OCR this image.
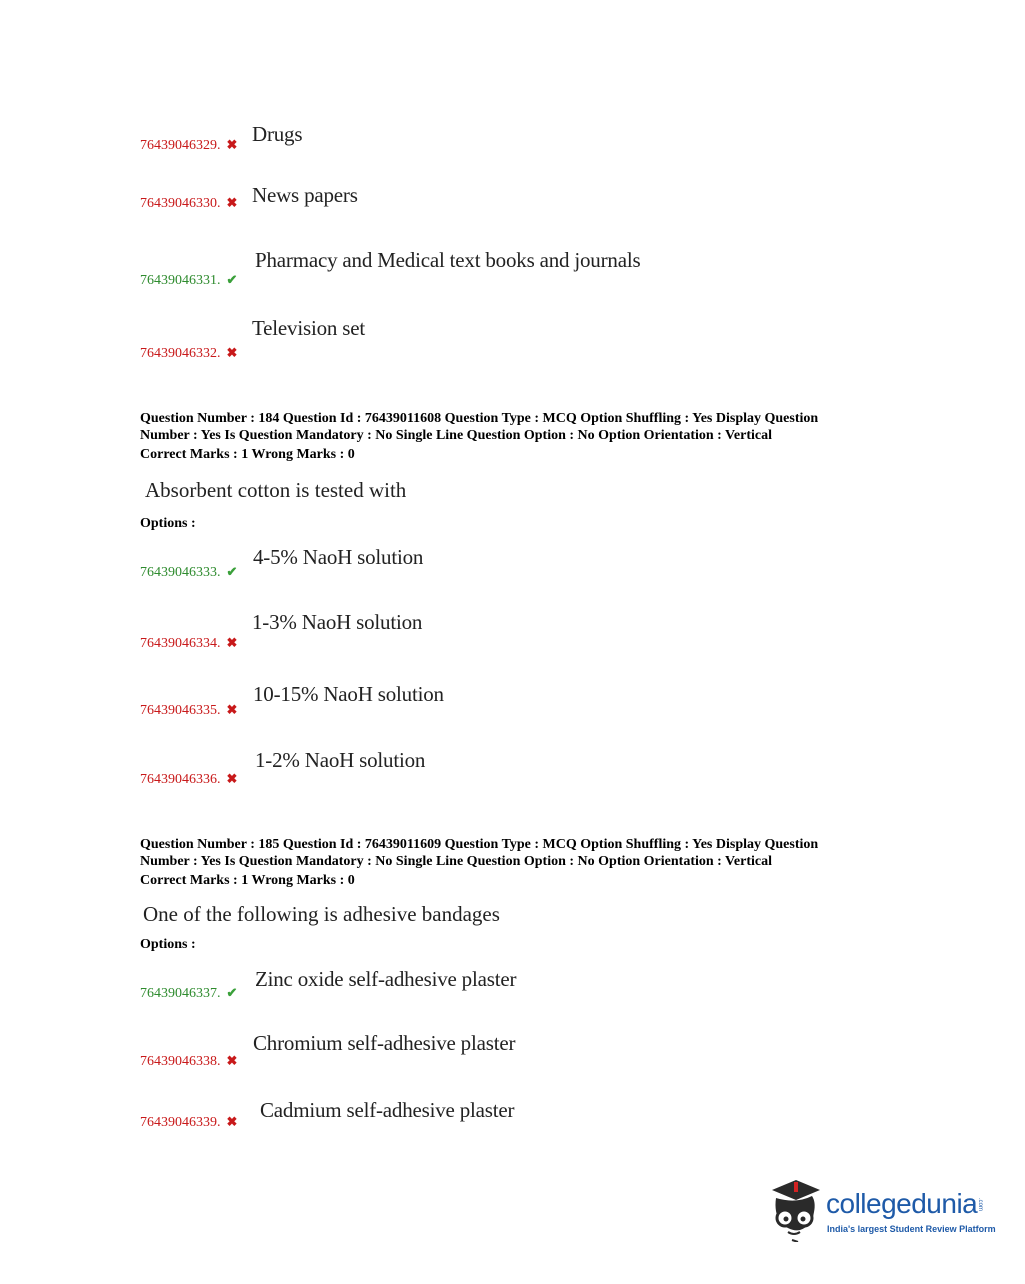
Drugs
76439046329. ✖
News papers
76439046330. ✖
Pharmacy and Medical text books and journals
76439046331. ✔
Television set
76439046332. ✖
Question Number : 184 Question Id : 76439011608 Question Type : MCQ Option Shuffling : Yes Display Question
Number : Yes Is Question Mandatory : No Single Line Question Option : No Option Orientation : Vertical
Correct Marks : 1 Wrong Marks : 0
Absorbent cotton is tested with
Options :
4-5% NaoH solution
76439046333. ✔
1-3% NaoH solution
76439046334. ✖
10-15% NaoH solution
76439046335. ✖
1-2% NaoH solution
76439046336. ✖
Question Number : 185 Question Id : 76439011609 Question Type : MCQ Option Shuffling : Yes Display Question
Number : Yes Is Question Mandatory : No Single Line Question Option : No Option Orientation : Vertical
Correct Marks : 1 Wrong Marks : 0
One of the following is adhesive bandages
Options :
Zinc oxide self-adhesive plaster
76439046337. ✔
Chromium self-adhesive plaster
76439046338. ✖
Cadmium self-adhesive plaster
76439046339. ✖
collegedunia .com
India's largest Student Review Platform
